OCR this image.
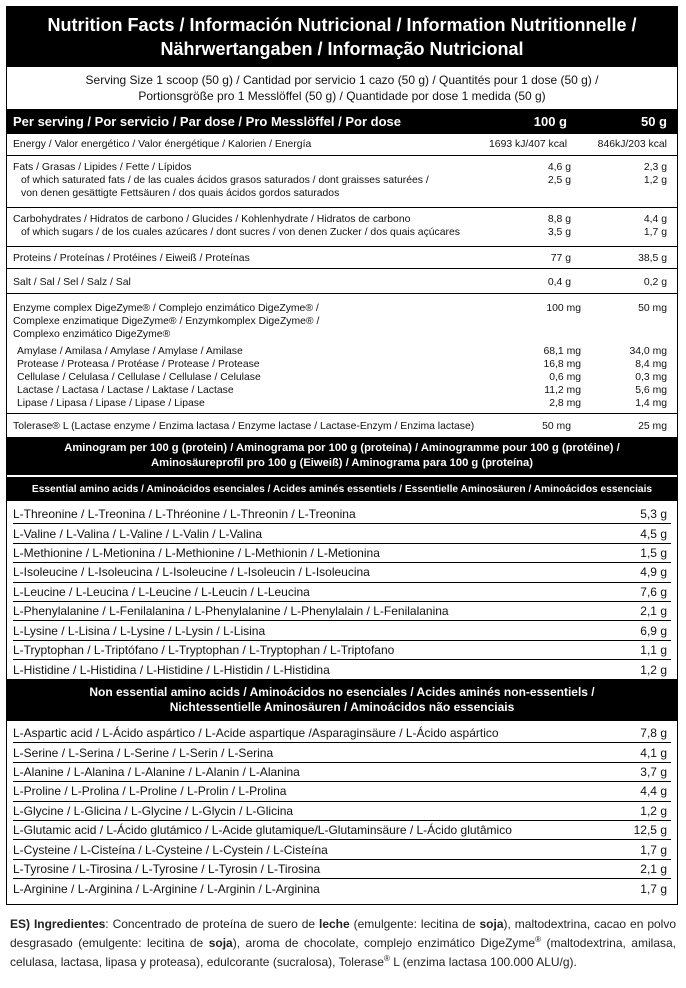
Nutrition Facts / Información Nutricional / Information Nutritionnelle /
Nährwertangaben / Informação Nutricional
Serving Size 1 scoop (50 g) / Cantidad por servicio 1 cazo (50 g) / Quantités pour 1 dose (50 g) /
Portionsgröße pro 1 Messlöffel (50 g) / Quantidade por dose 1 medida (50 g)
Per serving / Por servicio / Par dose / Pro Messlöffel / Por dose	100 g	50 g
Energy / Valor energético / Valor énergétique / Kalorien / Energía	1693 kJ/407 kcal	846kJ/203 kcal
Fats / Grasas / Lipides / Fette / Lípidos	4,6 g	2,3 g
of which saturated fats / de las cuales ácidos grasos saturados / dont graisses saturées /
von denen gesättigte Fettsäuren / dos quais ácidos gordos saturados
2,5 g	1,2 g
Carbohydrates / Hidratos de carbono / Glucides / Kohlenhydrate / Hidratos de carbono	8,8 g	4,4 g
of which sugars / de los cuales azúcares / dont sucres / von denen Zucker / dos quais açúcares	3,5 g	1,7 g
Proteins / Proteínas / Protéines / Eiweiß / Proteínas	77 g	38,5 g
Salt / Sal / Sel / Salz / Sal	0,4 g	0,2 g
Enzyme complex DigeZyme® / Complejo enzimático DigeZyme® /
Complexe enzimatique DigeZyme® / Enzymkomplex DigeZyme® /
Complexo enzimático DigeZyme®
100 mg	50 mg
Amylase / Amilasa / Amylase / Amylase / Amilase	68,1 mg	34,0 mg
Protease / Proteasa / Protéase / Protease / Protease	16,8 mg	8,4 mg
Cellulase / Celulasa / Cellulase / Cellulase / Celulase	0,6 mg	0,3 mg
Lactase / Lactasa / Lactase / Laktase / Lactase	11,2 mg	5,6 mg
Lipase / Lipasa / Lipase / Lipase / Lipase	2,8 mg	1,4 mg
Tolerase® L (Lactase enzyme / Enzima lactasa / Enzyme lactase / Lactase-Enzym / Enzima lactase)	50 mg	25 mg
Aminogram per 100 g (protein) / Aminograma por 100 g (proteína) / Aminogramme pour 100 g (protéine) /
Aminosäureprofil pro 100 g (Eiweiß) / Aminograma para 100 g (proteína)
Essential amino acids / Aminoácidos esenciales / Acides aminés essentiels / Essentielle Aminosäuren / Aminoácidos essenciais
L-Threonine / L-Treonina / L-Thréonine / L-Threonin / L-Treonina	5,3 g
L-Valine / L-Valina / L-Valine / L-Valin / L-Valina	4,5 g
L-Methionine / L-Metionina / L-Methionine / L-Methionin / L-Metionina	1,5 g
L-Isoleucine / L-Isoleucina / L-Isoleucine / L-Isoleucin / L-Isoleucina	4,9 g
L-Leucine / L-Leucina / L-Leucine / L-Leucin / L-Leucina	7,6 g
L-Phenylalanine / L-Fenilalanina / L-Phenylalanine / L-Phenylalain / L-Fenilalanina	2,1 g
L-Lysine / L-Lisina / L-Lysine / L-Lysin / L-Lisina	6,9 g
L-Tryptophan / L-Triptófano / L-Tryptophan / L-Tryptophan / L-Triptofano	1,1 g
L-Histidine / L-Histidina / L-Histidine / L-Histidin / L-Histidina	1,2 g
Non essential amino acids / Aminoácidos no esenciales / Acides aminés non-essentiels /
Nichtessentielle Aminosäuren / Aminoácidos não essenciais
L-Aspartic acid / L-Ácido aspártico / L-Acide aspartique /Asparaginsäure / L-Ácido aspártico	7,8 g
L-Serine / L-Serina / L-Serine / L-Serin / L-Serina	4,1 g
L-Alanine / L-Alanina / L-Alanine / L-Alanin / L-Alanina	3,7 g
L-Proline / L-Prolina / L-Proline / L-Prolin / L-Prolina	4,4 g
L-Glycine / L-Glicina / L-Glycine / L-Glycin / L-Glicina	1,2 g
L-Glutamic acid / L-Ácido glutámico / L-Acide glutamique/L-Glutaminsäure / L-Ácido glutâmico	12,5 g
L-Cysteine / L-Cisteína / L-Cysteine / L-Cystein / L-Cisteína	1,7 g
L-Tyrosine / L-Tirosina / L-Tyrosine / L-Tyrosin / L-Tirosina	2,1 g
L-Arginine / L-Arginina / L-Arginine / L-Arginin / L-Arginina	1,7 g
ES) Ingredientes: Concentrado de proteína de suero de leche (emulgente: lecitina de soja), maltodextrina, cacao en polvo desgrasado (emulgente: lecitina de soja), aroma de chocolate, complejo enzimático DigeZyme® (maltodextrina, amilasa, celulasa, lactasa, lipasa y proteasa), edulcorante (sucralosa), Tolerase® L (enzima lactasa 100.000 ALU/g).
